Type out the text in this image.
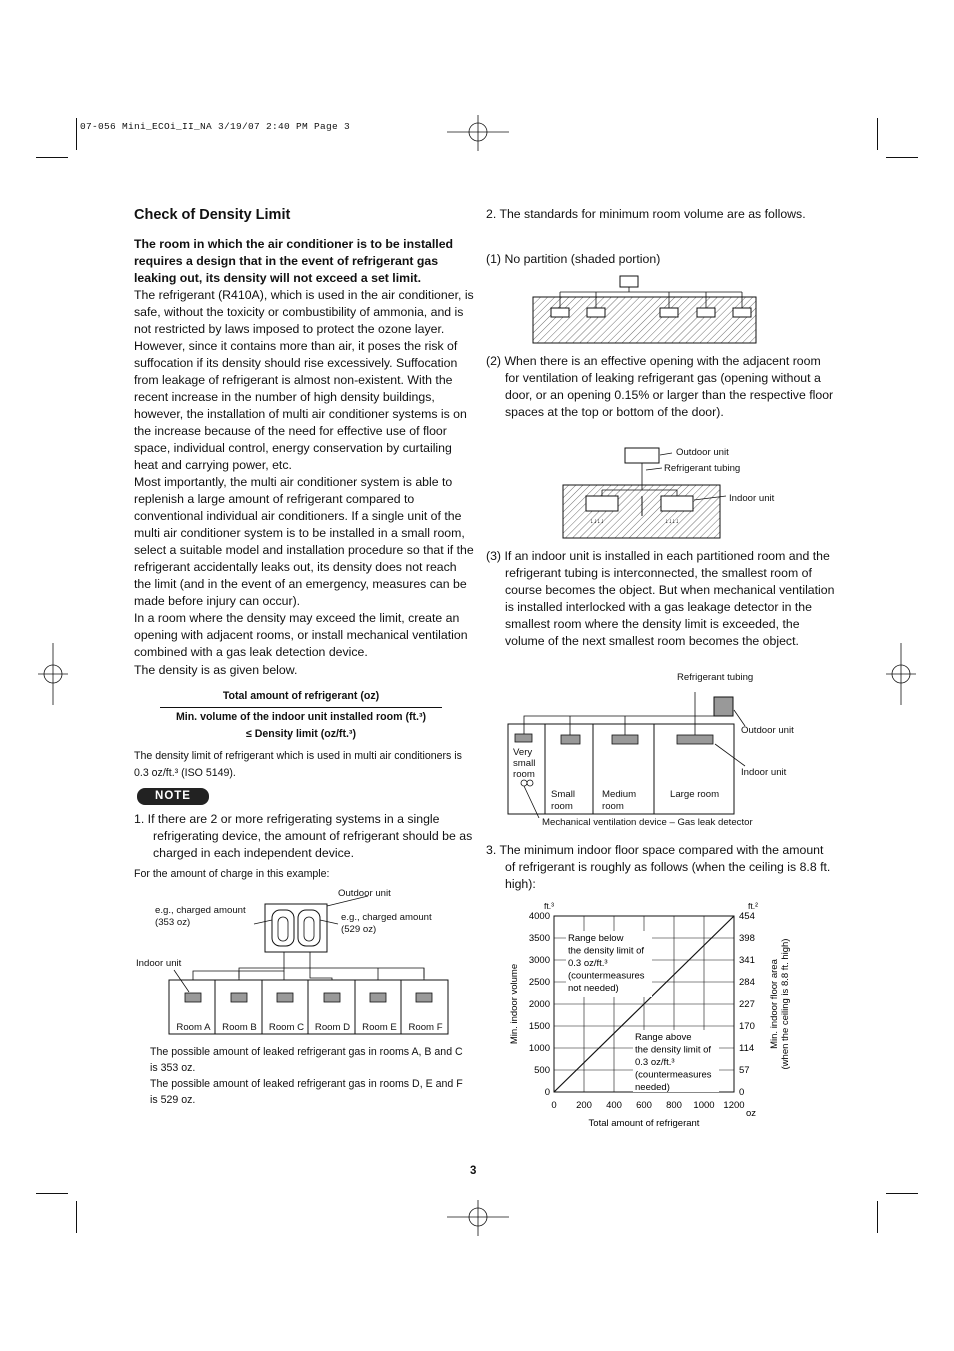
07-056 Mini_ECOi_II_NA 3/19/07 2:40 PM Page 3
Check of Density Limit
The room in which the air conditioner is to be installed requires a design that in the event of refrigerant gas leaking out, its density will not exceed a set limit.
The refrigerant (R410A), which is used in the air conditioner, is safe, without the toxicity or combustibility of ammonia, and is not restricted by laws imposed to protect the ozone layer. However, since it contains more than air, it poses the risk of suffocation if its density should rise excessively. Suffocation from leakage of refrigerant is almost non-existent. With the recent increase in the number of high density buildings, however, the installation of multi air conditioner systems is on the increase because of the need for effective use of floor space, individual control, energy conservation by curtailing heat and carrying power, etc.
Most importantly, the multi air conditioner system is able to replenish a large amount of refrigerant compared to conventional individual air conditioners. If a single unit of the multi air conditioner system is to be installed in a small room, select a suitable model and installation procedure so that if the refrigerant accidentally leaks out, its density does not reach the limit (and in the event of an emergency, measures can be made before injury can occur).
In a room where the density may exceed the limit, create an opening with adjacent rooms, or install mechanical ventilation combined with a gas leak detection device.
The density is as given below.
Total amount of refrigerant (oz)
Min. volume of the indoor unit installed room (ft.³)
≤ Density limit (oz/ft.³)
The density limit of refrigerant which is used in multi air conditioners is 0.3 oz/ft.³ (ISO 5149).
NOTE
1. If there are 2 or more refrigerating systems in a single refrigerating device, the amount of refrigerant should be as charged in each independent device.
For the amount of charge in this example:
Outdoor unit
e.g., charged amount (353 oz)	e.g., charged amount (529 oz)
Indoor unit
Room A	Room B	Room C	Room D	Room E	Room F
The possible amount of leaked refrigerant gas in rooms A, B and C is 353 oz.
The possible amount of leaked refrigerant gas in rooms D, E and F is 529 oz.
2. The standards for minimum room volume are as follows.
(1) No partition (shaded portion)
(2) When there is an effective opening with the adjacent room for ventilation of leaking refrigerant gas (opening without a door, or an opening 0.15% or larger than the respective floor spaces at the top or bottom of the door).
↓↓↓↓	↓↓↓↓
Outdoor unit
Refrigerant tubing
Indoor unit
(3) If an indoor unit is installed in each partitioned room and the refrigerant tubing is interconnected, the smallest room of course becomes the object. But when mechanical ventilation is installed interlocked with a gas leakage detector in the smallest room where the density limit is exceeded, the volume of the next smallest room becomes the object.
Refrigerant tubing
Outdoor unit
Indoor unit
Very small room
Small room
Medium room
Large room
Mechanical ventilation device – Gas leak detector
3. The minimum indoor floor space compared with the amount of refrigerant is roughly as follows (when the ceiling is 8.8 ft. high):
0	0
500	57
1000	114
1500	170
2000	227
2500	284
3000	341
3500	398
4000	454
0 200 400 600 800 1000 1200
ft.³	ft.²
oz
Total amount of refrigerant
Min. indoor volume	Min. indoor floor area (when the ceiling is 8.8 ft. high)
Range below the density limit of 0.3 oz/ft.³ (countermeasures not needed)
Range above the density limit of 0.3 oz/ft.³ (countermeasures needed)
3
